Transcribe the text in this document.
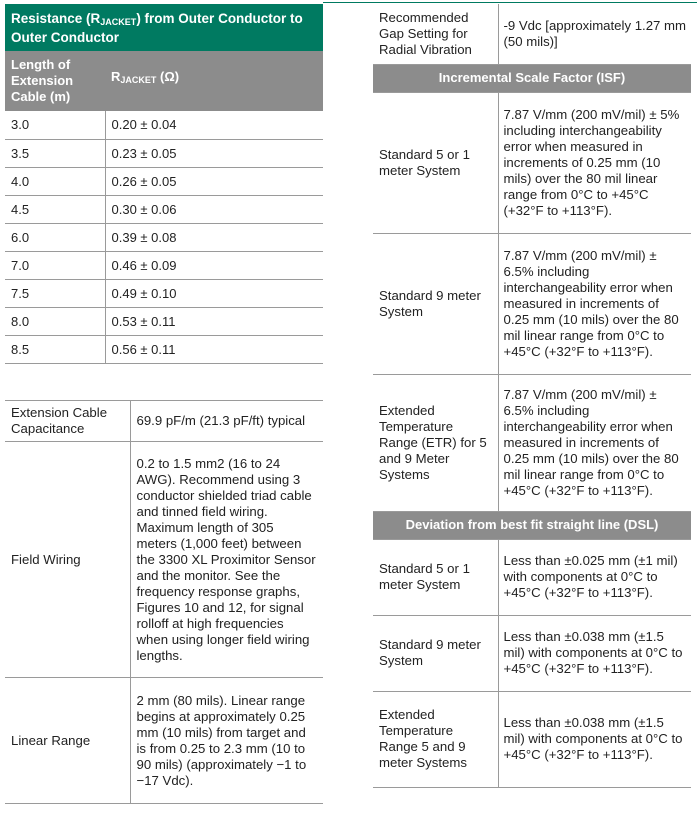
Resistance $(R_{JACKET})$ from Outer Conductor to Outer Conductor	
Length of Extension Cable (m)	$R_{JACKET}$ (Ω)
3.0	0.20 ± 0.04
3.5	0.23 ± 0.05
4.0	0.26 ± 0.05
4.5	0.30 ± 0.06
6.0	0.39 ± 0.08
7.0	0.46 ± 0.09
7.5	0.49 ± 0.10
8.0	0.53 ± 0.11
8.5	0.56 ± 0.11
Extension Cable Capacitance	69.9 pF/m (21.3 pF/ft) typical
Field Wiring	0.2 to 1.5 mm2 (16 to 24 AWG). Recommend using 3 conductor shielded triad cable and tinned field wiring. Maximum length of 305 meters (1,000 feet) between the 3300 XL Proximitor Sensor and the monitor. See the frequency response graphs, Figures 10 and 12, for signal rolloff at high frequencies when using longer field wiring lengths.
Linear Range	2 mm (80 mils). Linear range begins at approximately 0.25 mm (10 mils) from target and is from 0.25 to 2.3 mm (10 to 90 mils) (approximately −1 to −17 Vdc).
Recommended Gap Setting for Radial Vibration	-9 Vdc [approximately 1.27 mm (50 mils)]
Incremental Scale Factor (ISF)	
Standard 5 or 1 meter System	7.87 V/mm (200 mV/mil) ± 5% including interchangeability error when measured in increments of 0.25 mm (10 mils) over the 80 mil linear range from 0°C to +45°C (+32°F to +113°F).
Standard 9 meter System	7.87 V/mm (200 mV/mil) ± 6.5% including interchangeability error when measured in increments of 0.25 mm (10 mils) over the 80 mil linear range from 0°C to +45°C (+32°F to +113°F).
Extended Temperature Range (ETR) for 5 and 9 Meter Systems	7.87 V/mm (200 mV/mil) ± 6.5% including interchangeability error when measured in increments of 0.25 mm (10 mils) over the 80 mil linear range from 0°C to +45°C (+32°F to +113°F).
Deviation from best fit straight line (DSL)	
Standard 5 or 1 meter System	Less than ±0.025 mm (±1 mil) with components at 0°C to +45°C (+32°F to +113°F).
Standard 9 meter System	Less than ±0.038 mm (±1.5 mil) with components at 0°C to +45°C (+32°F to +113°F).
Extended Temperature Range 5 and 9 meter Systems	Less than ±0.038 mm (±1.5 mil) with components at 0°C to +45°C (+32°F to +113°F).
